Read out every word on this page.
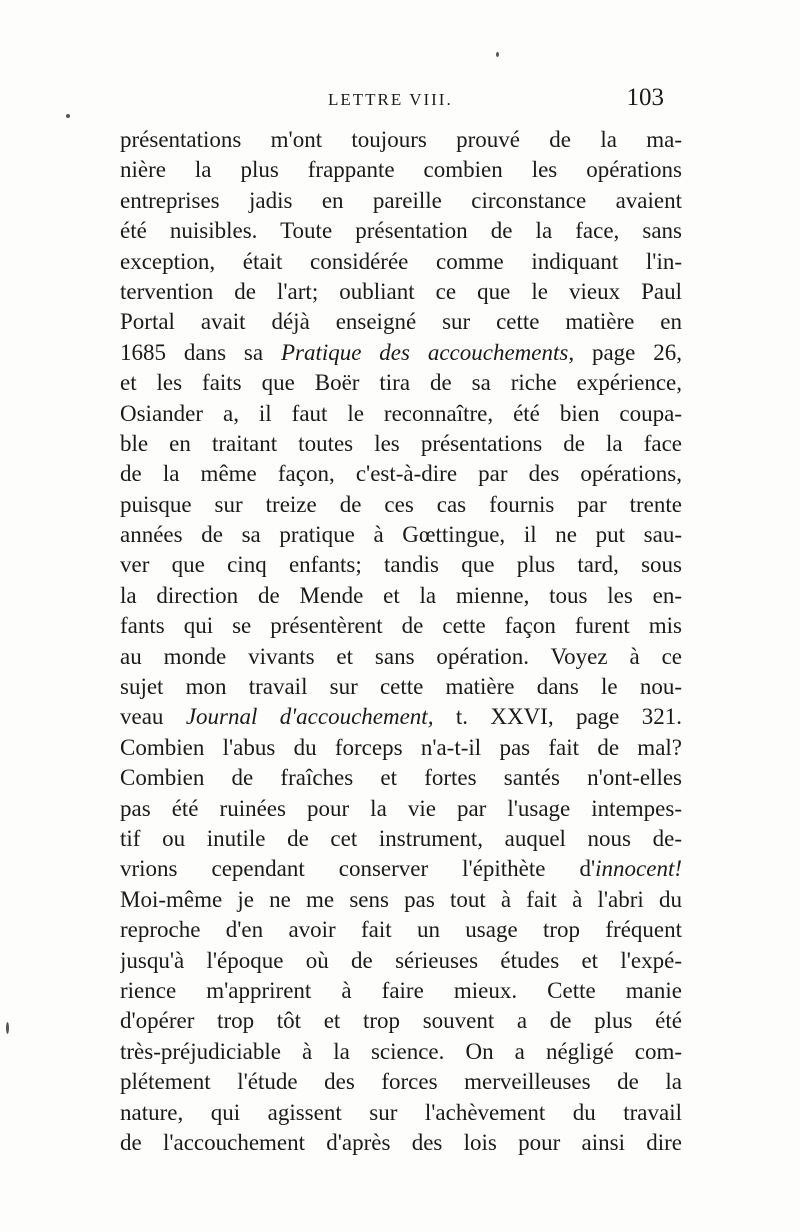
LETTRE VIII.	103
présentations m'ont toujours prouvé de la ma-
nière la plus frappante combien les opérations
entreprises jadis en pareille circonstance avaient
été nuisibles. Toute présentation de la face, sans
exception, était considérée comme indiquant l'in-
tervention de l'art; oubliant ce que le vieux Paul
Portal avait déjà enseigné sur cette matière en
1685 dans sa Pratique des accouchements, page 26,
et les faits que Boër tira de sa riche expérience,
Osiander a, il faut le reconnaître, été bien coupa-
ble en traitant toutes les présentations de la face
de la même façon, c'est-à-dire par des opérations,
puisque sur treize de ces cas fournis par trente
années de sa pratique à Gœttingue, il ne put sau-
ver que cinq enfants; tandis que plus tard, sous
la direction de Mende et la mienne, tous les en-
fants qui se présentèrent de cette façon furent mis
au monde vivants et sans opération. Voyez à ce
sujet mon travail sur cette matière dans le nou-
veau Journal d'accouchement, t. XXVI, page 321.
Combien l'abus du forceps n'a-t-il pas fait de mal?
Combien de fraîches et fortes santés n'ont-elles
pas été ruinées pour la vie par l'usage intempes-
tif ou inutile de cet instrument, auquel nous de-
vrions cependant conserver l'épithète d'innocent!
Moi-même je ne me sens pas tout à fait à l'abri du
reproche d'en avoir fait un usage trop fréquent
jusqu'à l'époque où de sérieuses études et l'expé-
rience m'apprirent à faire mieux. Cette manie
d'opérer trop tôt et trop souvent a de plus été
très-préjudiciable à la science. On a négligé com-
plétement l'étude des forces merveilleuses de la
nature, qui agissent sur l'achèvement du travail
de l'accouchement d'après des lois pour ainsi dire
